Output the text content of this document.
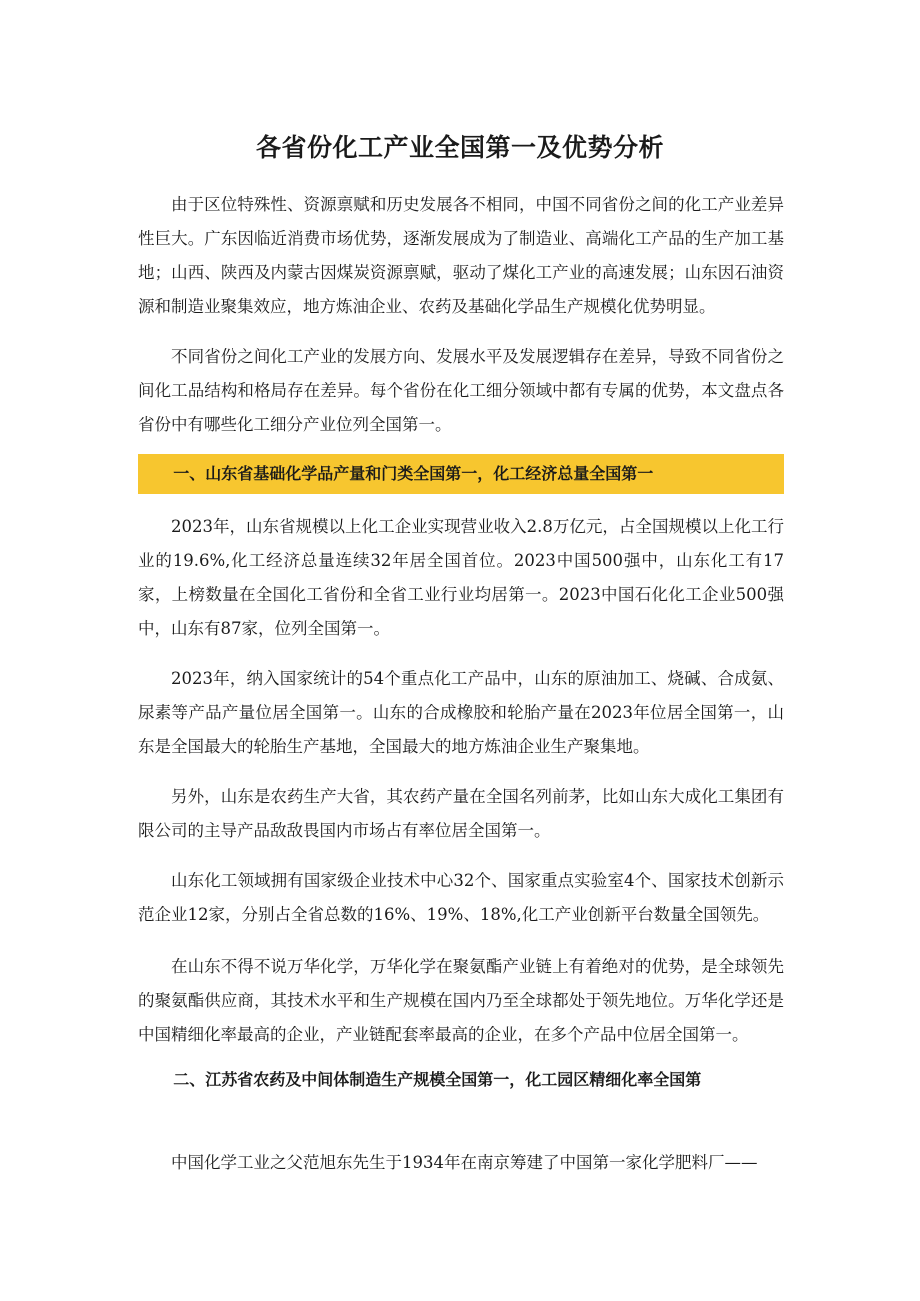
各省份化工产业全国第一及优势分析

由于区位特殊性、资源禀赋和历史发展各不相同，中国不同省份之间的化工产业差异性巨大。广东因临近消费市场优势，逐渐发展成为了制造业、高端化工产品的生产加工基地；山西、陕西及内蒙古因煤炭资源禀赋，驱动了煤化工产业的高速发展；山东因石油资源和制造业聚集效应，地方炼油企业、农药及基础化学品生产规模化优势明显。

不同省份之间化工产业的发展方向、发展水平及发展逻辑存在差异，导致不同省份之间化工品结构和格局存在差异。每个省份在化工细分领域中都有专属的优势，本文盘点各省份中有哪些化工细分产业位列全国第一。

一、山东省基础化学品产量和门类全国第一，化工经济总量全国第一

2023年，山东省规模以上化工企业实现营业收入2.8万亿元，占全国规模以上化工行业的19.6%,化工经济总量连续32年居全国首位。2023中国500强中，山东化工有17家，上榜数量在全国化工省份和全省工业行业均居第一。2023中国石化化工企业500强中，山东有87家，位列全国第一。

2023年，纳入国家统计的54个重点化工产品中，山东的原油加工、烧碱、合成氨、尿素等产品产量位居全国第一。山东的合成橡胶和轮胎产量在2023年位居全国第一，山东是全国最大的轮胎生产基地，全国最大的地方炼油企业生产聚集地。

另外，山东是农药生产大省，其农药产量在全国名列前茅，比如山东大成化工集团有限公司的主导产品敌敌畏国内市场占有率位居全国第一。

山东化工领域拥有国家级企业技术中心32个、国家重点实验室4个、国家技术创新示范企业12家，分别占全省总数的16%、19%、18%,化工产业创新平台数量全国领先。

在山东不得不说万华化学，万华化学在聚氨酯产业链上有着绝对的优势，是全球领先的聚氨酯供应商，其技术水平和生产规模在国内乃至全球都处于领先地位。万华化学还是中国精细化率最高的企业，产业链配套率最高的企业，在多个产品中位居全国第一。

二、江苏省农药及中间体制造生产规模全国第一，化工园区精细化率全国第

中国化学工业之父范旭东先生于1934年在南京筹建了中国第一家化学肥料厂——
